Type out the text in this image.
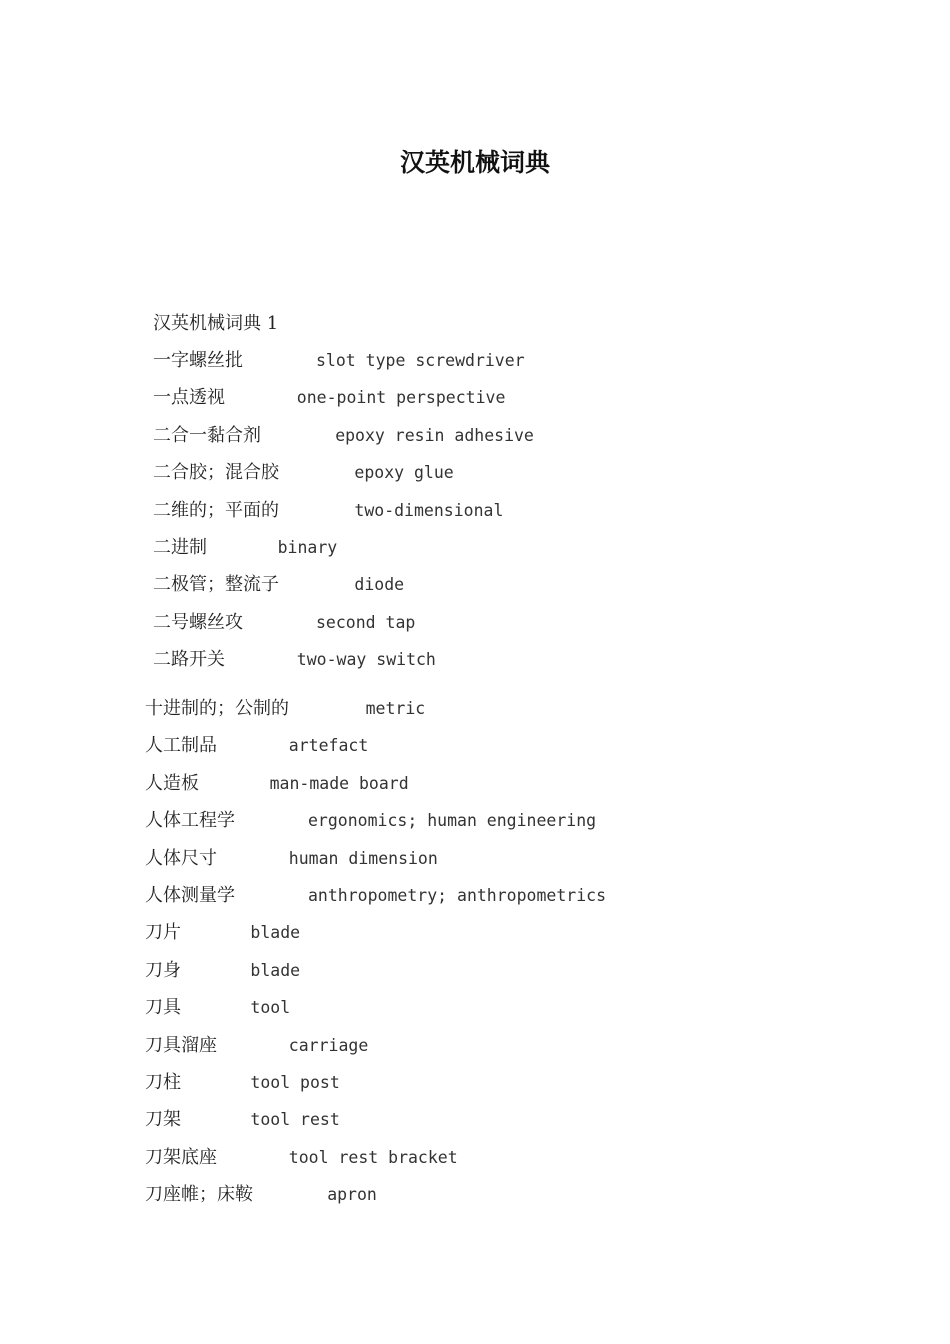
汉英机械词典
汉英机械词典 1
一字螺丝批	slot type screwdriver
一点透视	one-point perspective
二合一黏合剂	epoxy resin adhesive
二合胶；混合胶	epoxy glue
二维的；平面的	two-dimensional
二进制	binary
二极管；整流子	diode
二号螺丝攻	second tap
二路开关	two-way switch
十进制的；公制的	metric
人工制品	artefact
人造板	man-made board
人体工程学	ergonomics; human engineering
人体尺寸	human dimension
人体测量学	anthropometry; anthropometrics
刀片	blade
刀身	blade
刀具	tool
刀具溜座	carriage
刀柱	tool post
刀架	tool rest
刀架底座	tool rest bracket
刀座帷；床鞍	apron
